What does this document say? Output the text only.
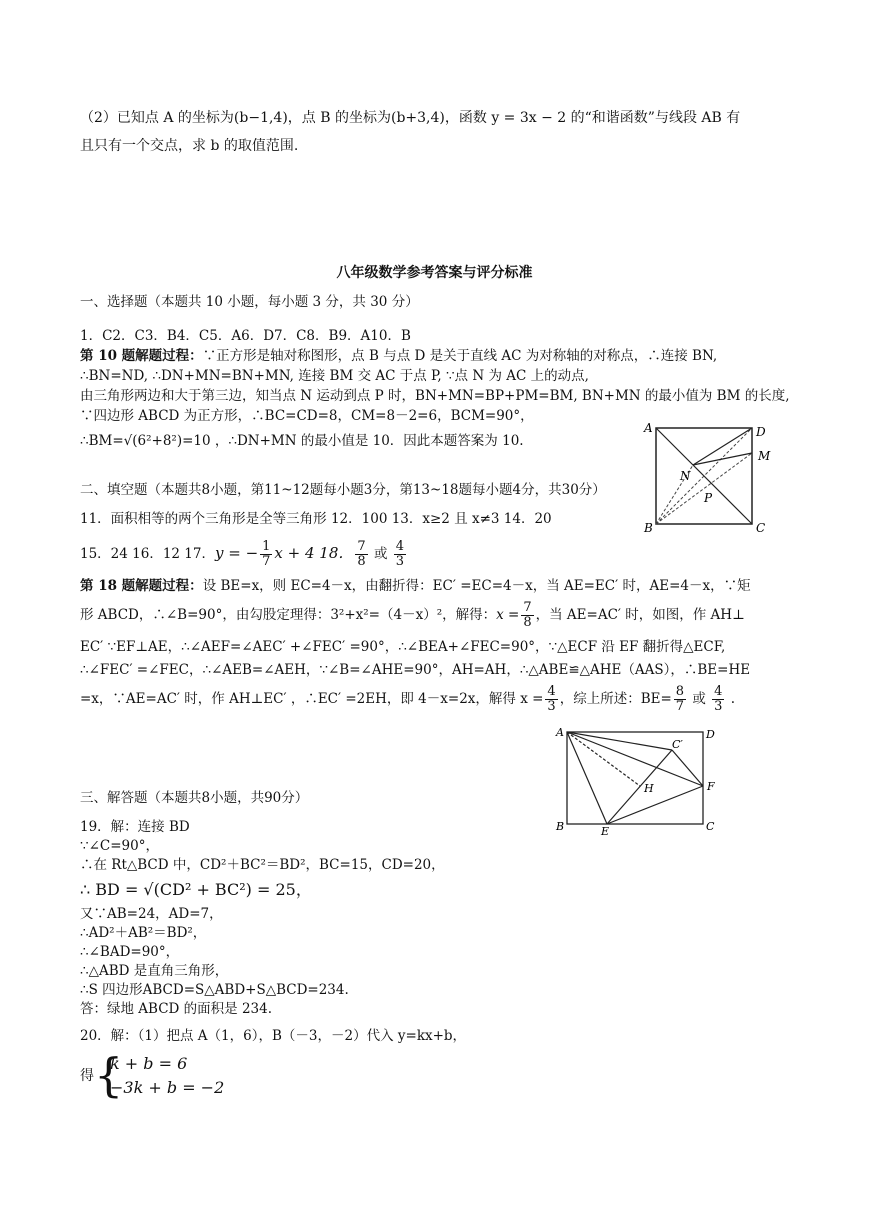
（2）已知点 A 的坐标为(b−1,4)，点 B 的坐标为(b+3,4)，函数 y = 3x − 2 的“和谐函数”与线段 AB 有
且只有一个交点，求 b 的取值范围.
八年级数学参考答案与评分标准
一、选择题（本题共 10 小题，每小题 3 分，共 30 分）
1．C2．C3．B4．C5．A6．D7．C8．B9．A10．B
第 10 题解题过程：∵正方形是轴对称图形，点 B 与点 D 是关于直线 AC 为对称轴的对称点，∴连接 BN,
∴BN=ND, ∴DN+MN=BN+MN, 连接 BM 交 AC 于点 P, ∵点 N 为 AC 上的动点,
由三角形两边和大于第三边，知当点 N 运动到点 P 时，BN+MN=BP+PM=BM, BN+MN 的最小值为 BM 的长度,
∵四边形 ABCD 为正方形，∴BC=CD=8，CM=8－2=6，BCM=90°，
∴BM=√(6²+8²)=10 ，∴DN+MN 的最小值是 10．因此本题答案为 10.
A
B	C
D
M
N
P
二、填空题（本题共8小题，第11~12题每小题3分，第13~18题每小题4分，共30分）
11．面积相等的两个三角形是全等三角形 12．100 13．x≥2 且 x≠3 14．20
15．24 16．12 17．y = − $\frac{1}{7}$ x + 4 18． $\frac{7}{8}$ 或 $\frac{4}{3}$
第 18 题解题过程：设 BE=x，则 EC=4－x，由翻折得：EC′ =EC=4－x，当 AE=EC′ 时，AE=4－x，∵矩
形 ABCD，∴∠B=90°，由勾股定理得：3²+x²=（4－x）²，解得：$x = \frac{7}{8}$ ，当 AE=AC′ 时，如图，作 AH⊥
EC′ ∵EF⊥AE，∴∠AEF=∠AEC′ +∠FEC′ =90°，∴∠BEA+∠FEC=90°，∵△ECF 沿 EF 翻折得△ECF,
∴∠FEC′ =∠FEC，∴∠AEB=∠AEH，∵∠B=∠AHE=90°，AH=AH，∴△ABE≌△AHE（AAS），∴BE=HE
=x，∵AE=AC′ 时，作 AH⊥EC′ ，∴EC′ =2EH，即 4－x=2x，解得 $x = \frac{4}{3}$ ，综上所述：$BE= \frac{8}{7}$ 或 $\frac{4}{3}$ .
A
B	C
D
E
F
H
C′
三、解答题（本题共8小题，共90分）
19．解：连接 BD
∵∠C=90°，
∴在 Rt△BCD 中，CD²＋BC²＝BD²，BC=15，CD=20，
∴ BD = √(CD² + BC²) = 25，
又∵AB=24，AD=7，
∴AD²＋AB²＝BD²，
∴∠BAD=90°，
∴△ABD 是直角三角形，
∴S 四边形ABCD=S△ABD+S△BCD=234.
答：绿地 ABCD 的面积是 234.
20．解：（1）把点 A（1，6），B（－3，－2）代入 y=kx+b，
得 {
k + b = 6
−3k + b = −2
